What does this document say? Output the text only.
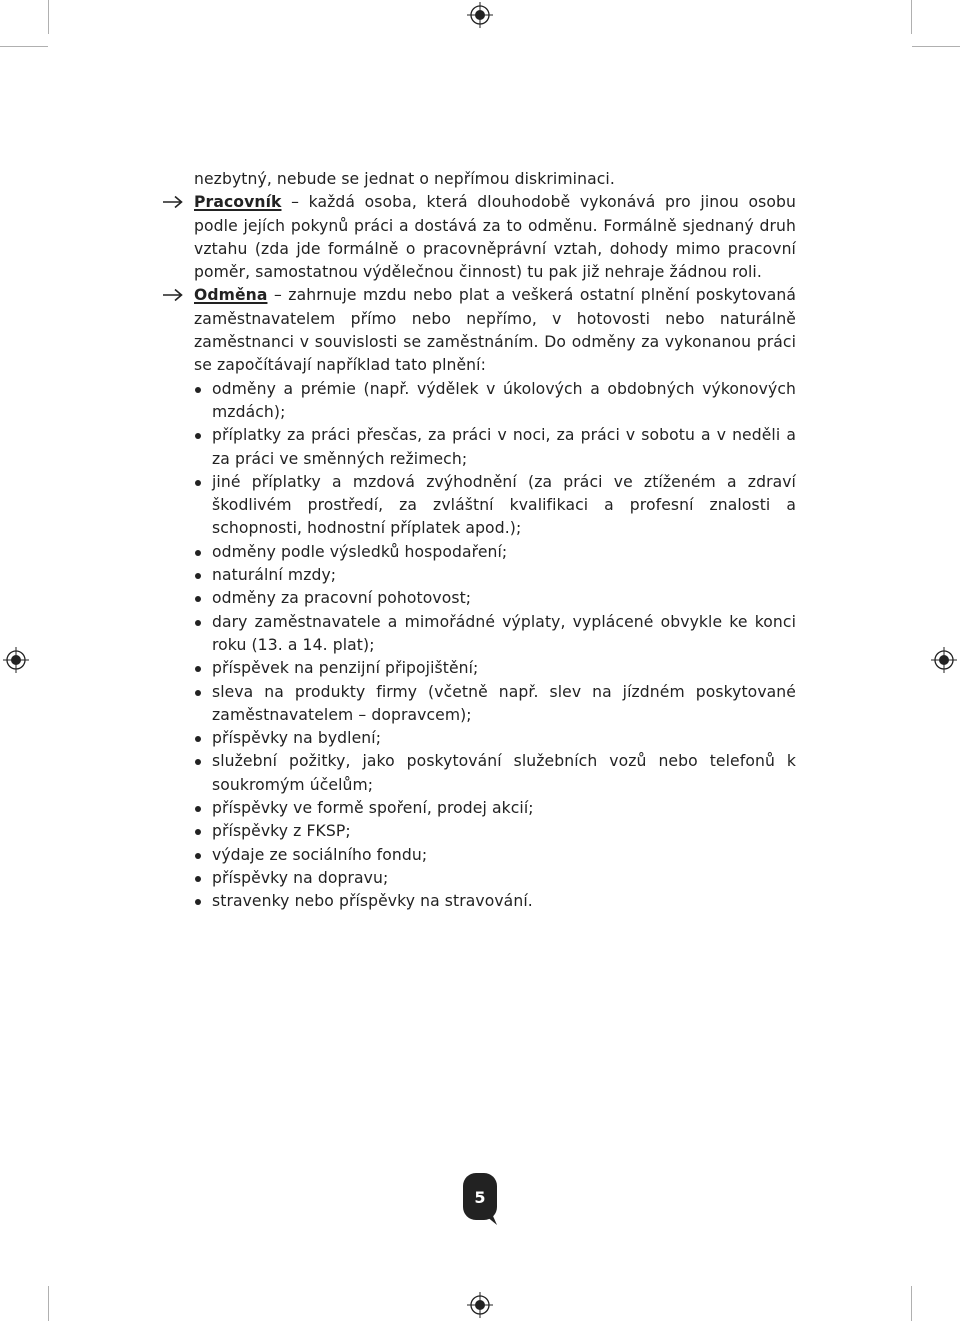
nezbytný, nebude se jednat o nepřímou diskriminaci.

Pracovník – každá osoba, která dlouhodobě vykonává pro jinou osobu podle jejích pokynů práci a dostává za to odměnu. Formálně sjednaný druh vztahu (zda jde formálně o pracovněprávní vztah, dohody mimo pracovní poměr, samostatnou výdělečnou činnost) tu pak již nehraje žádnou roli.

Odměna – zahrnuje mzdu nebo plat a veškerá ostatní plnění poskytovaná zaměstnavatelem přímo nebo nepřímo, v hotovosti nebo naturálně zaměstnanci v souvislosti se zaměstnáním. Do odměny za vykonanou práci se započítávají například tato plnění:

odměny a prémie (např. výdělek v úkolových a obdobných výkonových mzdách);
příplatky za práci přesčas, za práci v noci, za práci v sobotu a v neděli a za práci ve směnných režimech;
jiné příplatky a mzdová zvýhodnění (za práci ve ztíženém a zdraví škodlivém prostředí, za zvláštní kvalifikaci a profesní znalosti a schopnosti, hodnostní příplatek apod.);
odměny podle výsledků hospodaření;
naturální mzdy;
odměny za pracovní pohotovost;
dary zaměstnavatele a mimořádné výplaty, vyplácené obvykle ke konci roku (13. a 14. plat);
příspěvek na penzijní připojištění;
sleva na produkty firmy (včetně např. slev na jízdném poskytované zaměstnavatelem – dopravcem);
příspěvky na bydlení;
služební požitky, jako poskytování služebních vozů nebo telefonů k soukromým účelům;
příspěvky ve formě spoření, prodej akcií;
příspěvky z FKSP;
výdaje ze sociálního fondu;
příspěvky na dopravu;
stravenky nebo příspěvky na stravování.
5
